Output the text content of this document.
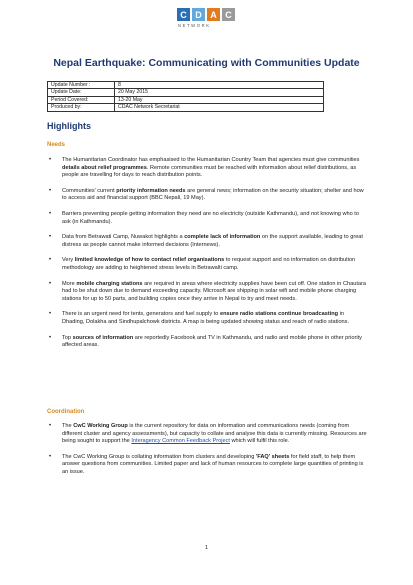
C D A C
NETWORK
Nepal Earthquake: Communicating with Communities Update
Update Number :	8
Update Date:	20 May 2015
Period Covered:	13-20 May
Produced by:	CDAC Network Secretariat
Highlights
Needs
• The Humanitarian Coordinator has emphasised to the Humanitarian Country Team that agencies must give communities details about relief programmes. Remote communities must be reached with information about relief distributions, as people are travelling for days to reach distribution points.
• Communities' current priority information needs are general news; information on the security situation; shelter and how to access aid and financial support (BBC Nepali, 19 May).
• Barriers preventing people getting information they need are no electricity (outside Kathmandu), and not knowing who to ask (in Kathmandu).
• Data from Betrawati Camp, Nuwakot highlights a complete lack of information on the support available, leading to great distress as people cannot make informed decisions (Internews).
• Very limited knowledge of how to contact relief organisations to request support and no information on distribution methodology are adding to heightened stress levels in Betrawalti camp.
• More mobile charging stations are required in areas where electricity supplies have been cut off. One station in Chautara had to be shut down due to demand exceeding capacity. Microsoft are shipping in solar wifi and mobile phone charging stations for up to 50 parts, and building copies once they arrive in Nepal to try and meet needs.
• There is an urgent need for tents, generators and fuel supply to ensure radio stations continue broadcasting in Dhading, Dolakha and Sindhupalchowk districts. A map is being updated showing status and reach of radio stations.
• Top sources of information are reportedly Facebook and TV in Kathmandu, and radio and mobile phone in other priority affected areas.
Coordination
• The CwC Working Group is the current repository for data on information and communications needs (coming from different cluster and agency assessments), but capacity to collate and analyse this data is currently missing. Resources are being sought to support the Interagency Common Feedback Project which will fulfil this role.
• The CwC Working Group is collating information from clusters and developing 'FAQ' sheets for field staff, to help them answer questions from communities. Limited paper and lack of human resources to complete large quantities of printing is an issue.
1
